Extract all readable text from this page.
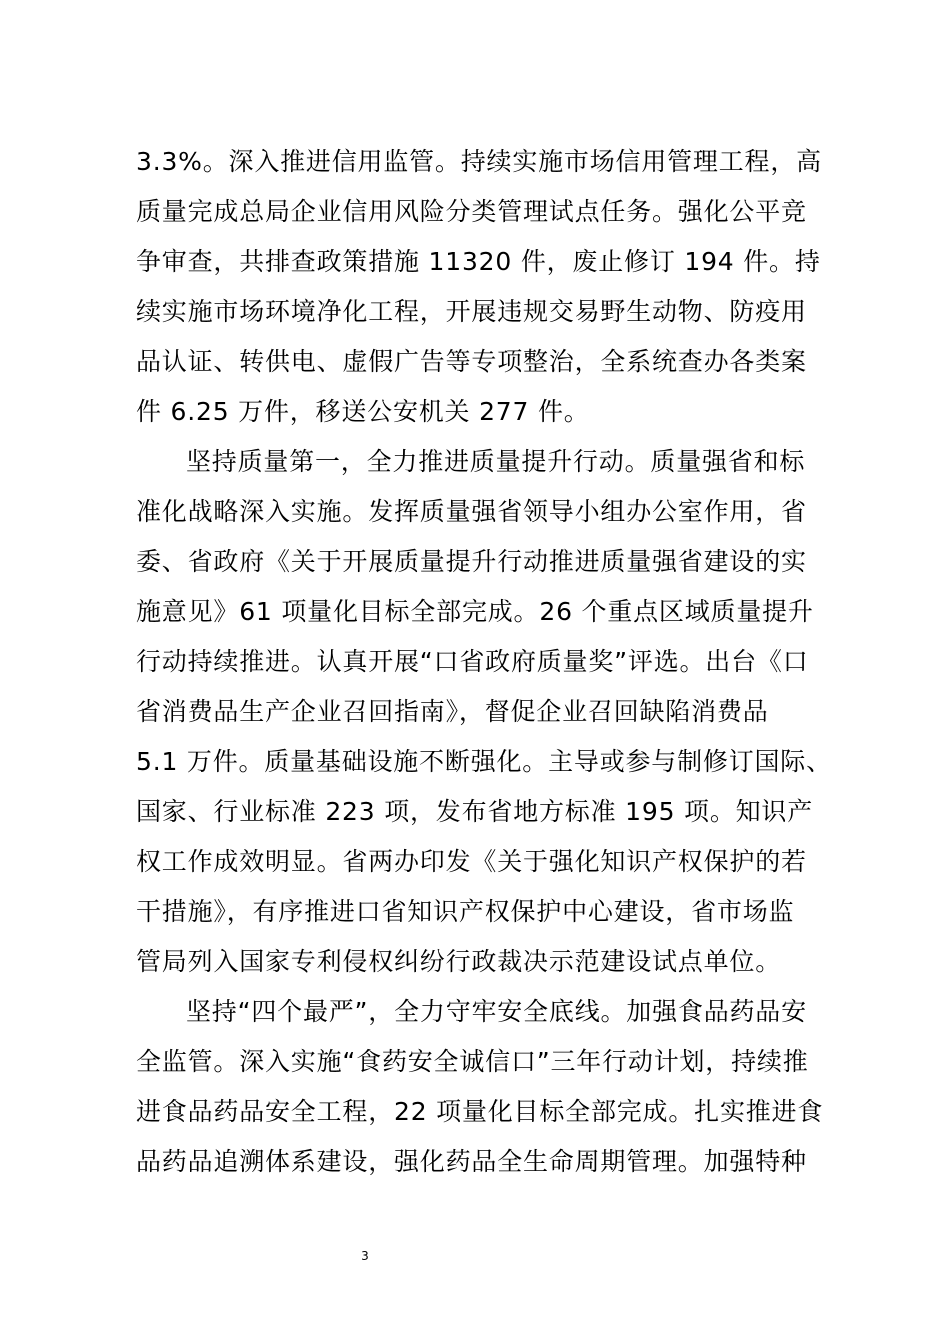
3.3%。深入推进信用监管。持续实施市场信用管理工程，高
质量完成总局企业信用风险分类管理试点任务。强化公平竞
争审查，共排查政策措施 11320 件，废止修订 194 件。持
续实施市场环境净化工程，开展违规交易野生动物、防疫用
品认证、转供电、虚假广告等专项整治，全系统查办各类案
件 6.25 万件，移送公安机关 277 件。
坚持质量第一，全力推进质量提升行动。质量强省和标
准化战略深入实施。发挥质量强省领导小组办公室作用，省
委、省政府《关于开展质量提升行动推进质量强省建设的实
施意见》61 项量化目标全部完成。26 个重点区域质量提升
行动持续推进。认真开展“口省政府质量奖”评选。出台《口
省消费品生产企业召回指南》，督促企业召回缺陷消费品
5.1 万件。质量基础设施不断强化。主导或参与制修订国际、
国家、行业标准 223 项，发布省地方标准 195 项。知识产
权工作成效明显。省两办印发《关于强化知识产权保护的若
干措施》，有序推进口省知识产权保护中心建设，省市场监
管局列入国家专利侵权纠纷行政裁决示范建设试点单位。
坚持“四个最严”，全力守牢安全底线。加强食品药品安
全监管。深入实施“食药安全诚信口”三年行动计划，持续推
进食品药品安全工程，22 项量化目标全部完成。扎实推进食
品药品追溯体系建设，强化药品全生命周期管理。加强特种
3
